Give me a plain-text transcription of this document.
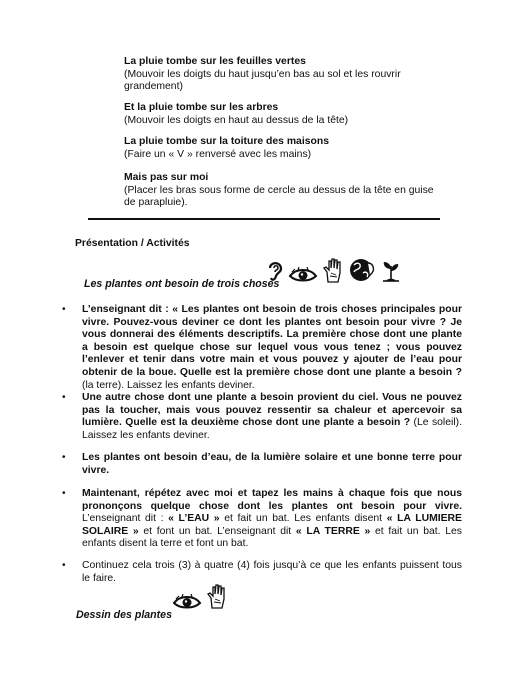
La pluie tombe sur les feuilles vertes
(Mouvoir les doigts du haut jusqu’en bas au sol et les rouvrir grandement)
Et la pluie tombe sur les arbres
(Mouvoir les doigts en haut au dessus de la tête)
La pluie tombe sur la toiture des maisons
(Faire un « V » renversé avec les mains)
Mais pas sur moi
(Placer les bras sous forme de cercle au dessus de la tête en guise de parapluie).
Présentation / Activités
Les plantes ont besoin de trois choses
•	L’enseignant dit : « Les plantes ont besoin de trois choses principales pour vivre. Pouvez-vous deviner ce dont les plantes ont besoin pour vivre ? Je vous donnerai des éléments descriptifs. La première chose dont une plante a besoin est quelque chose sur lequel vous vous tenez ; vous pouvez l’enlever et tenir dans votre main et vous pouvez y ajouter de l’eau pour obtenir de la boue. Quelle est la première chose dont une plante a besoin ? (la terre). Laissez les enfants deviner.
•	Une autre chose dont une plante a besoin provient du ciel. Vous ne pouvez pas la toucher, mais vous pouvez ressentir sa chaleur et apercevoir sa lumière. Quelle est la deuxième chose dont une plante a besoin ? (Le soleil). Laissez les enfants deviner.
•	Les plantes ont besoin d’eau, de la lumière solaire et une bonne terre pour vivre.
•	Maintenant, répétez avec moi et tapez les mains à chaque fois que nous prononçons quelque chose dont les plantes ont besoin pour vivre. L’enseignant dit : « L’EAU » et fait un bat. Les enfants disent « LA LUMIERE SOLAIRE » et font un bat. L’enseignant dit « LA TERRE » et fait un bat. Les enfants disent la terre et font un bat.
•	Continuez cela trois (3) à quatre (4) fois jusqu’à ce que les enfants puissent tous le faire.
Dessin des plantes
